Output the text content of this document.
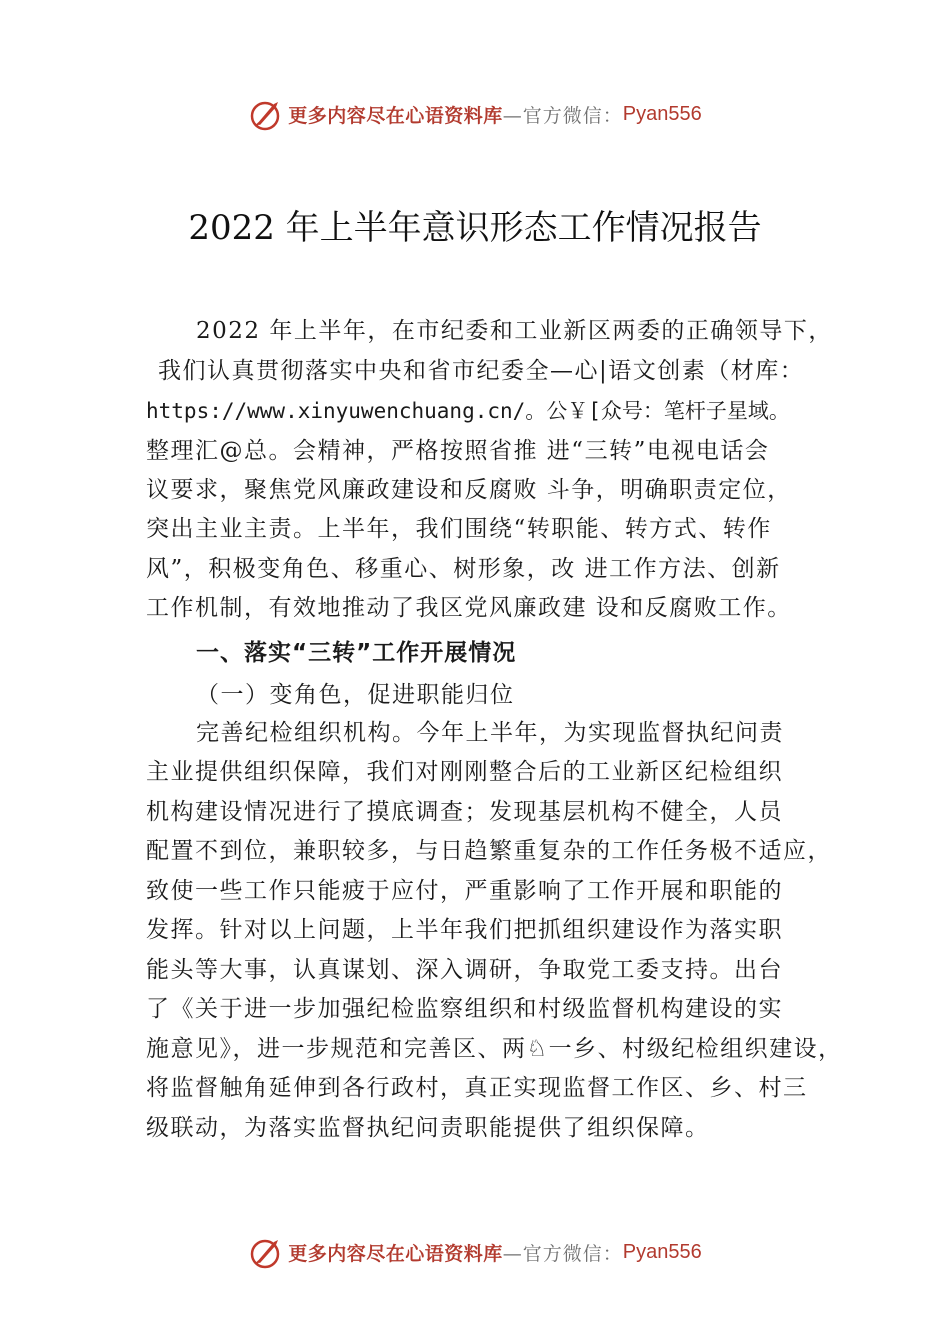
更多内容尽在心语资料库 —官方微信： Pyan556
2022 年上半年意识形态工作情况报告
2022 年上半年，在市纪委和工业新区两委的正确领导下，
我们认真贯彻落实中央和省市纪委全—心|语文创素（材库：
https://www.xinyuwenchuang.cn/。公￥[众号：笔杆子星域。
整理汇@总。会精神，严格按照省推 进“三转”电视电话会
议要求，聚焦党风廉政建设和反腐败 斗争，明确职责定位，
突出主业主责。上半年，我们围绕“转职能、转方式、转作
风”，积极变角色、移重心、树形象，改 进工作方法、创新
工作机制，有效地推动了我区党风廉政建 设和反腐败工作。
一、落实“三转”工作开展情况
（一）变角色，促进职能归位
完善纪检组织机构。今年上半年，为实现监督执纪问责
主业提供组织保障，我们对刚刚整合后的工业新区纪检组织
机构建设情况进行了摸底调查；发现基层机构不健全，人员
配置不到位，兼职较多，与日趋繁重复杂的工作任务极不适应，
致使一些工作只能疲于应付，严重影响了工作开展和职能的
发挥。针对以上问题，上半年我们把抓组织建设作为落实职
能头等大事，认真谋划、深入调研，争取党工委支持。出台
了《关于进一步加强纪检监察组织和村级监督机构建设的实
施意见》，进一步规范和完善区、两♘一乡、村级纪检组织建设，
将监督触角延伸到各行政村，真正实现监督工作区、乡、村三
级联动，为落实监督执纪问责职能提供了组织保障。
更多内容尽在心语资料库 —官方微信： Pyan556
